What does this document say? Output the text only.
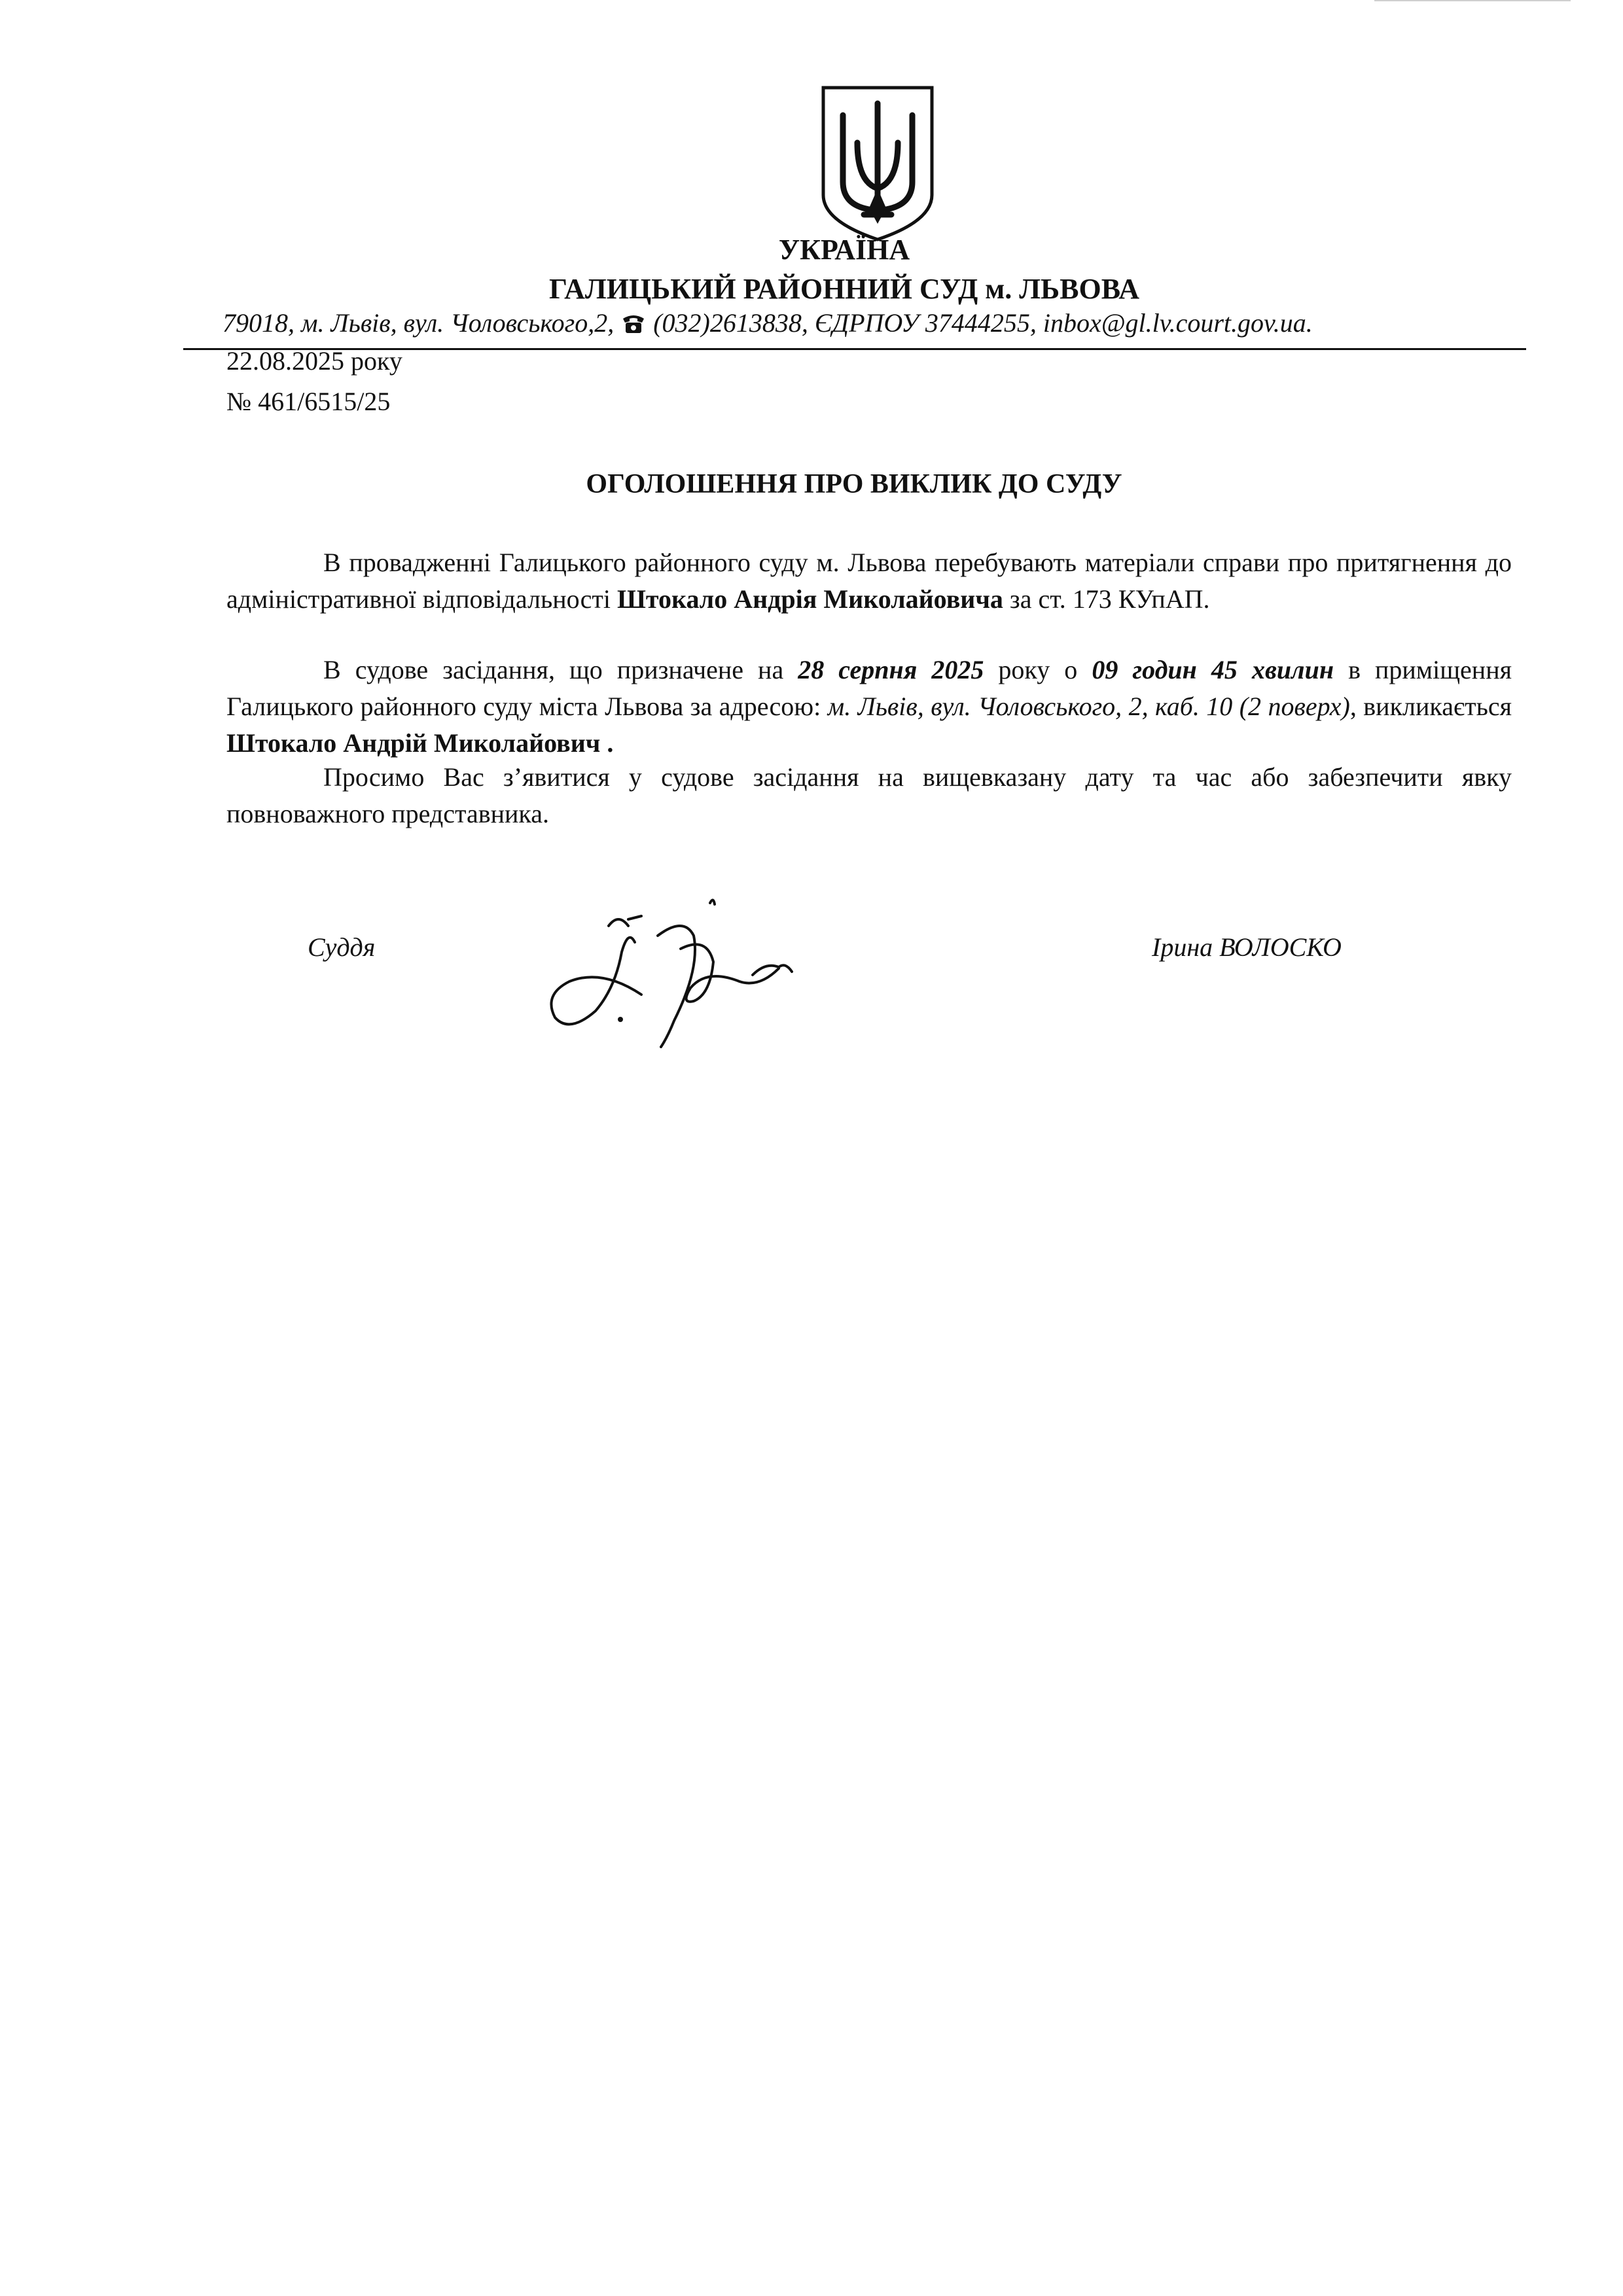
УКРАЇНА
ГАЛИЦЬКИЙ РАЙОННИЙ СУД м. ЛЬВОВА
79018, м. Львів, вул. Чоловського,2, (032)2613838, ЄДРПОУ 37444255, inbox@gl.lv.court.gov.ua.
22.08.2025 року
№ 461/6515/25
ОГОЛОШЕННЯ ПРО ВИКЛИК ДО СУДУ
В провадженні Галицького районного суду м. Львова перебувають матеріали справи про притягнення до адміністративної відповідальності Штокало Андрія Миколайовича за ст. 173 КУпАП.
В судове засідання, що призначене на 28 серпня 2025 року о 09 годин 45 хвилин в приміщення Галицького районного суду міста Львова за адресою: м. Львів, вул. Чоловського, 2, каб. 10 (2 поверх), викликається Штокало Андрій Миколайович .
Просимо Вас з’явитися у судове засідання на вищевказану дату та час або забезпечити явку повноважного представника.
Суддя	Ірина ВОЛОСКО
